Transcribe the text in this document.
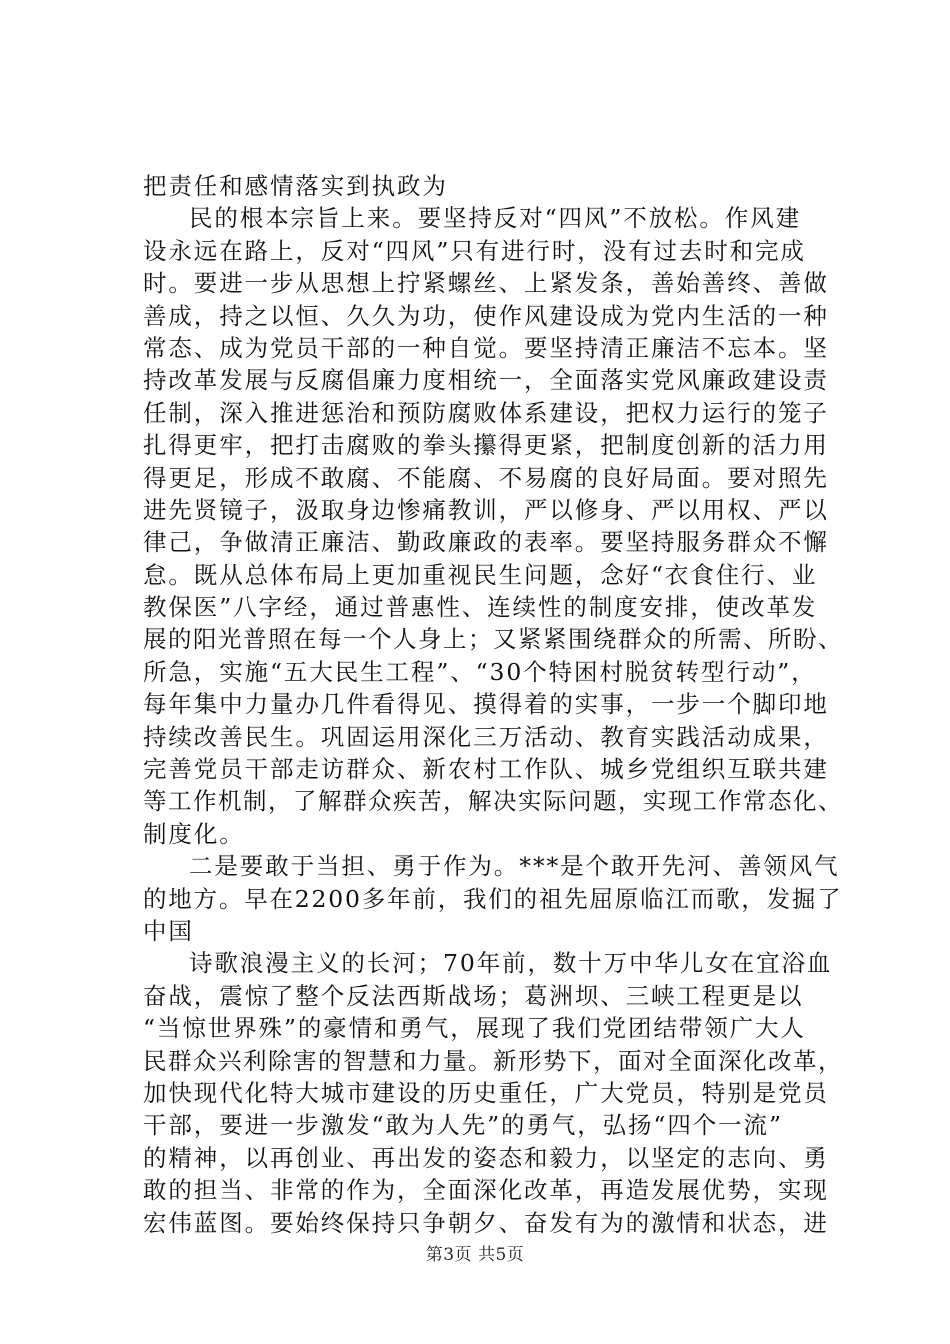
把责任和感情落实到执政为
民的根本宗旨上来。要坚持反对“四风”不放松。作风建
设永远在路上，反对“四风”只有进行时，没有过去时和完成
时。要进一步从思想上拧紧螺丝、上紧发条，善始善终、善做
善成，持之以恒、久久为功，使作风建设成为党内生活的一种
常态、成为党员干部的一种自觉。要坚持清正廉洁不忘本。坚
持改革发展与反腐倡廉力度相统一，全面落实党风廉政建设责
任制，深入推进惩治和预防腐败体系建设，把权力运行的笼子
扎得更牢，把打击腐败的拳头攥得更紧，把制度创新的活力用
得更足，形成不敢腐、不能腐、不易腐的良好局面。要对照先
进先贤镜子，汲取身边惨痛教训，严以修身、严以用权、严以
律己，争做清正廉洁、勤政廉政的表率。要坚持服务群众不懈
怠。既从总体布局上更加重视民生问题，念好“衣食住行、业
教保医”八字经，通过普惠性、连续性的制度安排，使改革发
展的阳光普照在每一个人身上；又紧紧围绕群众的所需、所盼、
所急，实施“五大民生工程”、“30个特困村脱贫转型行动”，
每年集中力量办几件看得见、摸得着的实事，一步一个脚印地
持续改善民生。巩固运用深化三万活动、教育实践活动成果，
完善党员干部走访群众、新农村工作队、城乡党组织互联共建
等工作机制，了解群众疾苦，解决实际问题，实现工作常态化、
制度化。
二是要敢于当担、勇于作为。***是个敢开先河、善领风气
的地方。早在2200多年前，我们的祖先屈原临江而歌，发掘了
中国
诗歌浪漫主义的长河；70年前，数十万中华儿女在宜浴血
奋战，震惊了整个反法西斯战场；葛洲坝、三峡工程更是以
“当惊世界殊”的豪情和勇气，展现了我们党团结带领广大人
民群众兴利除害的智慧和力量。新形势下，面对全面深化改革，
加快现代化特大城市建设的历史重任，广大党员，特别是党员
干部，要进一步激发“敢为人先”的勇气，弘扬“四个一流”
的精神，以再创业、再出发的姿态和毅力，以坚定的志向、勇
敢的担当、非常的作为，全面深化改革，再造发展优势，实现
宏伟蓝图。要始终保持只争朝夕、奋发有为的激情和状态，进
第3页 共5页
